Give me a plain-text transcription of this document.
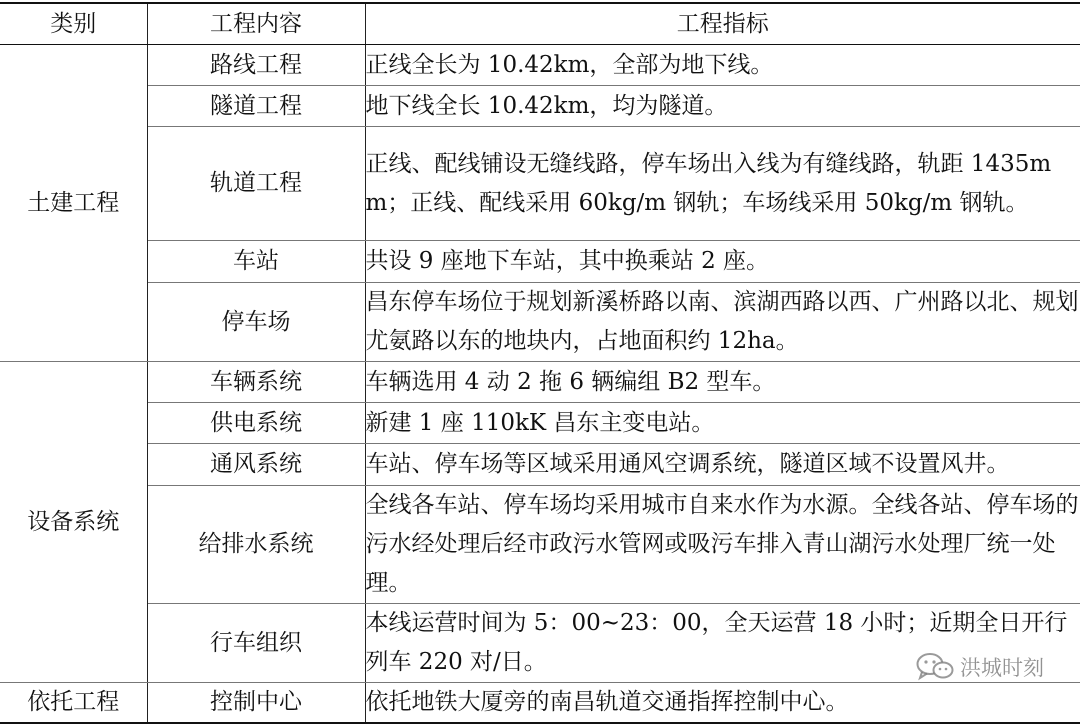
类别	工程内容	工程指标
土建工程	路线工程	正线全长为 10.42km，全部为地下线。
	隧道工程	地下线全长 10.42km，均为隧道。
	轨道工程	正线、配线铺设无缝线路，停车场出入线为有缝线路，轨距 1435mm；正线、配线采用 60kg/m 钢轨；车场线采用 50kg/m 钢轨。
	车站	共设 9 座地下车站，其中换乘站 2 座。
	停车场	昌东停车场位于规划新溪桥路以南、滨湖西路以西、广州路以北、规划尤氨路以东的地块内，占地面积约 12ha。
设备系统	车辆系统	车辆选用 4 动 2 拖 6 辆编组 B2 型车。
	供电系统	新建 1 座 110kK 昌东主变电站。
	通风系统	车站、停车场等区域采用通风空调系统，隧道区域不设置风井。
	给排水系统	全线各车站、停车场均采用城市自来水作为水源。全线各站、停车场的污水经处理后经市政污水管网或吸污车排入青山湖污水处理厂统一处理。
	行车组织	本线运营时间为 5：00~23：00，全天运营 18 小时；近期全日开行列车 220 对/日。
依托工程	控制中心	依托地铁大厦旁的南昌轨道交通指挥控制中心。
洪城时刻
